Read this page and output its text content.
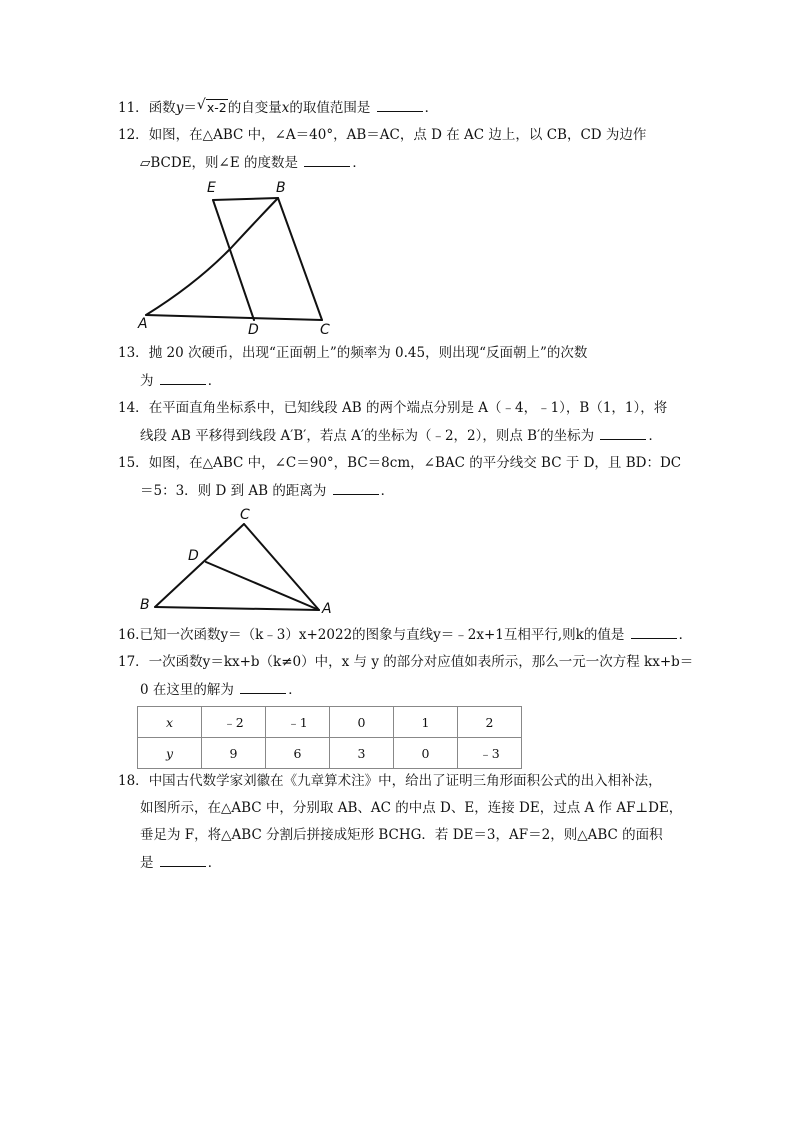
11．函数y＝ √ x-2的自变量x的取值范围是	．
12．如图，在△ABC 中，∠A＝40°，AB＝AC，点 D 在 AC 边上，以 CB，CD 为边作
▱BCDE，则∠E 的度数是	．
E	B
A	D	C
13．抛 20 次硬币，出现“正面朝上”的频率为 0.45，则出现“反面朝上”的次数
为	．
14．在平面直角坐标系中，已知线段 AB 的两个端点分别是 A（﹣4，﹣1），B（1，1），将
线段 AB 平移得到线段 A′B′，若点 A′的坐标为（﹣2，2），则点 B′的坐标为	．
15．如图，在△ABC 中，∠C＝90°，BC＝8cm，∠BAC 的平分线交 BC 于 D，且 BD：DC
＝5：3．则 D 到 AB 的距离为	．
C
D
B	A
16.已知一次函数y＝（k﹣3）x+2022的图象与直线y＝﹣2x+1互相平行,则k的值是	．
17．一次函数y＝kx+b（k≠0）中，x 与 y 的部分对应值如表所示，那么一元一次方程 kx+b＝
0 在这里的解为	．
x	﹣2	﹣1	0	1	2
y	9	6	3	0	﹣3
18．中国古代数学家刘徽在《九章算术注》中，给出了证明三角形面积公式的出入相补法，
如图所示，在△ABC 中，分别取 AB、AC 的中点 D、E，连接 DE，过点 A 作 AF⊥DE，
垂足为 F，将△ABC 分割后拼接成矩形 BCHG．若 DE＝3，AF＝2，则△ABC 的面积
是	．
